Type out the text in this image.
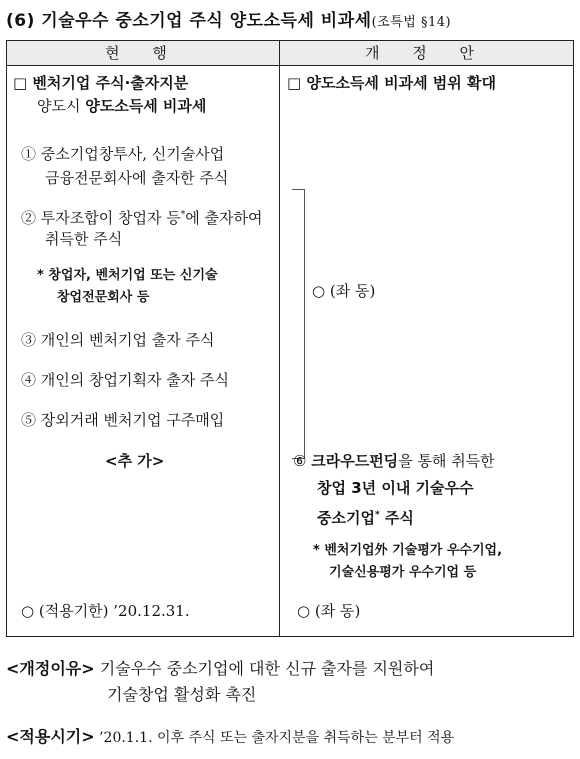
(6) 기술우수 중소기업 주식 양도소득세 비과세(조특법 §14)
현 행	개 정 안
□ 벤처기업 주식·출자지분
양도시 양도소득세 비과세
① 중소기업창투사, 신기술사업
금융전문회사에 출자한 주식
② 투자조합이 창업자 등*에 출자하여
취득한 주식
* 창업자, 벤처기업 또는 신기술
창업전문회사 등
③ 개인의 벤처기업 출자 주식
④ 개인의 창업기획자 출자 주식
⑤ 장외거래 벤처기업 구주매입
<추 가>
○ (적용기한) ’20.12.31.
□ 양도소득세 비과세 범위 확대
○ (좌 동)
⑥ 크라우드펀딩을 통해 취득한
창업 3년 이내 기술우수
중소기업* 주식
* 벤처기업外 기술평가 우수기업,
기술신용평가 우수기업 등
○ (좌 동)
<개정이유> 기술우수 중소기업에 대한 신규 출자를 지원하여
기술창업 활성화 촉진
<적용시기> ’20.1.1. 이후 주식 또는 출자지분을 취득하는 분부터 적용
